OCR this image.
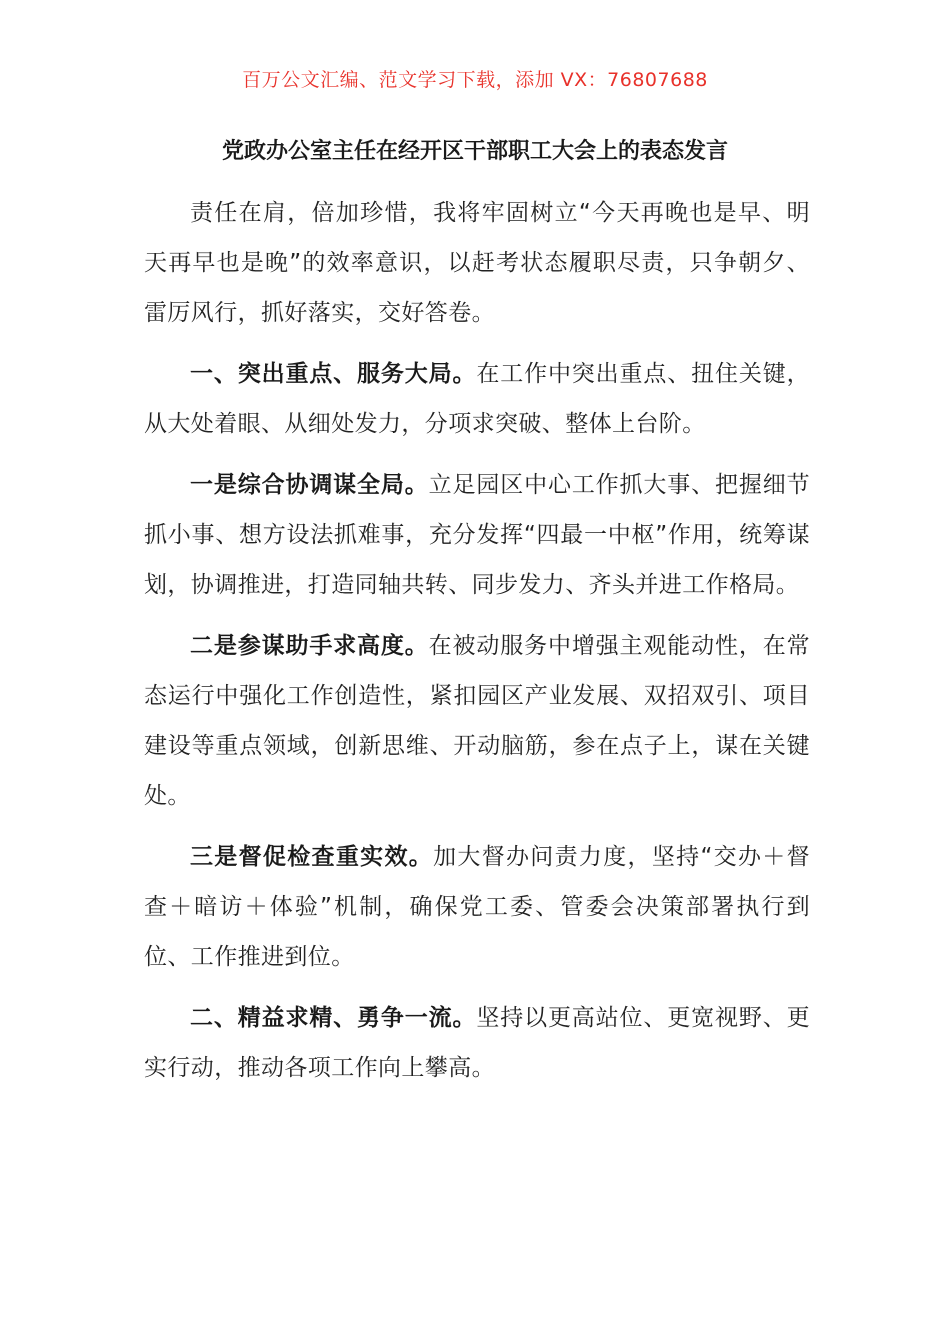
百万公文汇编、范文学习下载，添加 VX：76807688
党政办公室主任在经开区干部职工大会上的表态发言

责任在肩，倍加珍惜，我将牢固树立“今天再晚也是早、明天再早也是晚”的效率意识，以赶考状态履职尽责，只争朝夕、雷厉风行，抓好落实，交好答卷。

一、突出重点、服务大局。在工作中突出重点、扭住关键，从大处着眼、从细处发力，分项求突破、整体上台阶。

一是综合协调谋全局。立足园区中心工作抓大事、把握细节抓小事、想方设法抓难事，充分发挥“四最一中枢”作用，统筹谋划，协调推进，打造同轴共转、同步发力、齐头并进工作格局。

二是参谋助手求高度。在被动服务中增强主观能动性，在常态运行中强化工作创造性，紧扣园区产业发展、双招双引、项目建设等重点领域，创新思维、开动脑筋，参在点子上，谋在关键处。

三是督促检查重实效。加大督办问责力度，坚持“交办＋督查＋暗访＋体验”机制，确保党工委、管委会决策部署执行到位、工作推进到位。

二、精益求精、勇争一流。坚持以更高站位、更宽视野、更实行动，推动各项工作向上攀高。
